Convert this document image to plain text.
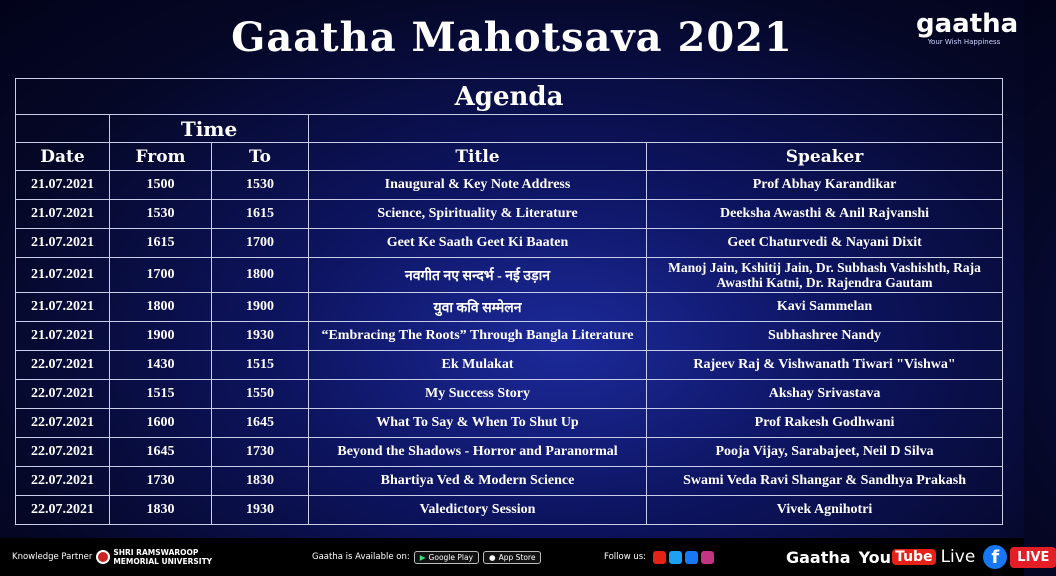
Gaatha Mahotsava 2021	gaatha
Your Wish Happiness
Agenda				
	Time			
Date	From	To	Title	Speaker
21.07.2021	1500	1530	Inaugural & Key Note Address	Prof Abhay Karandikar
21.07.2021	1530	1615	Science, Spirituality & Literature	Deeksha Awasthi & Anil Rajvanshi
21.07.2021	1615	1700	Geet Ke Saath Geet Ki Baaten	Geet Chaturvedi & Nayani Dixit
21.07.2021	1700	1800	नवगीत नए सन्दर्भ - नई उड़ान	Manoj Jain, Kshitij Jain, Dr. Subhash Vashishth, Raja Awasthi Katni, Dr. Rajendra Gautam
21.07.2021	1800	1900	युवा कवि सम्मेलन	Kavi Sammelan
21.07.2021	1900	1930	“Embracing The Roots” Through Bangla Literature	Subhashree Nandy
22.07.2021	1430	1515	Ek Mulakat	Rajeev Raj & Vishwanath Tiwari "Vishwa"
22.07.2021	1515	1550	My Success Story	Akshay Srivastava
22.07.2021	1600	1645	What To Say & When To Shut Up	Prof Rakesh Godhwani
22.07.2021	1645	1730	Beyond the Shadows - Horror and Paranormal	Pooja Vijay, Sarabajeet, Neil D Silva
22.07.2021	1730	1830	Bhartiya Ved & Modern Science	Swami Veda Ravi Shangar & Sandhya Prakash
22.07.2021	1830	1930	Valedictory Session	Vivek Agnihotri
Knowledge Partner	SHRI RAMSWAROOP
MEMORIAL UNIVERSITY	Gaatha is Available on: ▶ Google Play ● App Store	Follow us:	Gaatha You Tube Live f	LIVE
